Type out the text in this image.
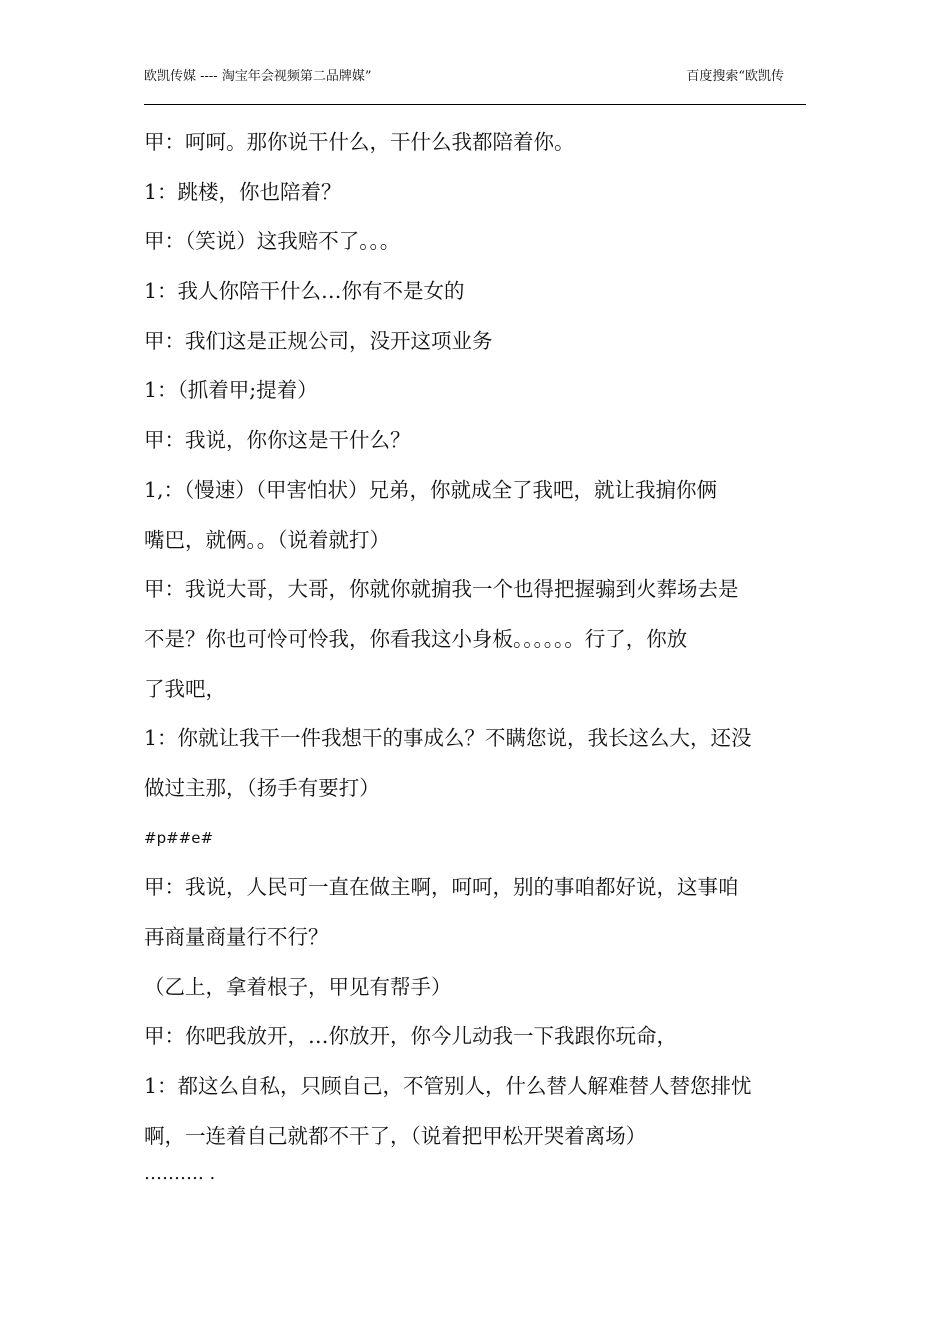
欧凯传媒 ---- 淘宝年会视频第二品牌媒”	百度搜索“欧凯传
甲：呵呵。那你说干什么，干什么我都陪着你。
1：跳楼，你也陪着？
甲：（笑说）这我赔不了。。。
1：我人你陪干什么…你有不是女的
甲：我们这是正规公司，没开这项业务
1：（抓着甲;提着）
甲：我说，你你这是干什么？
1,：（慢速）（甲害怕状）兄弟，你就成全了我吧，就让我掮你俩
嘴巴，就俩。。（说着就打）
甲：我说大哥，大哥，你就你就掮我一个也得把握骟到火葬场去是
不是？你也可怜可怜我，你看我这小身板。。。。。。行了，你放
了我吧，
1：你就让我干一件我想干的事成么？不瞒您说，我长这么大，还没
做过主那，（扬手有要打）
#p##e#
甲：我说，人民可一直在做主啊，呵呵，别的事咱都好说，这事咱
再商量商量行不行？
（乙上，拿着根子，甲见有帮手）
甲：你吧我放开，…你放开，你今儿动我一下我跟你玩命，
1：都这么自私，只顾自己，不管别人，什么替人解难替人替您排忧
啊，一连着自己就都不干了，（说着把甲松开哭着离场）
………. .
